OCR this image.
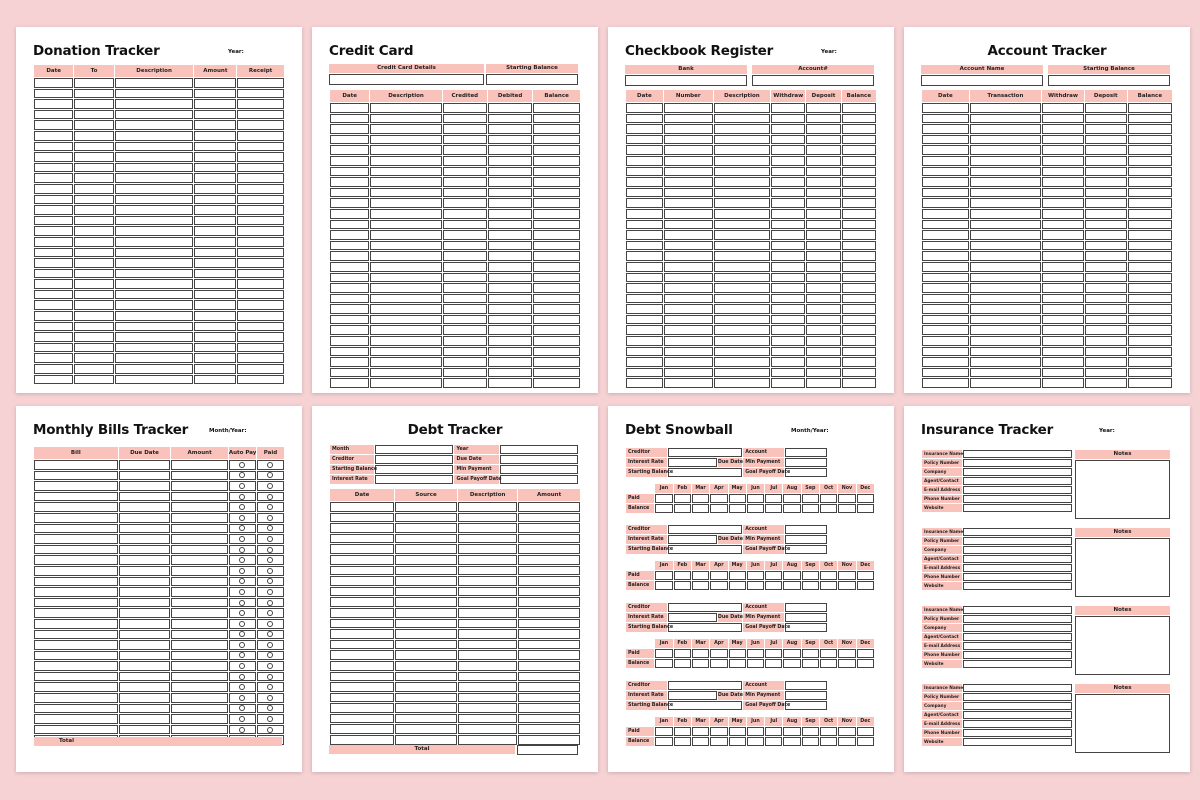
Donation Tracker	Year:
Date	To	Description	Amount	Receipt

Credit Card
Credit Card Details	Starting Balance
Date	Description	Credited	Debited	Balance

Checkbook Register	Year:
Bank	Account#
Date	Number	Description	Withdraw	Deposit	Balance

Account Tracker
Account Name	Starting Balance
Date	Transaction	Withdraw	Deposit	Balance

Monthly Bills Tracker	Month/Year:
Bill	Due Date	Amount	Auto Pay	Paid

Total
Debt Tracker
Month		Year	
Creditor		Due Date	
Starting Balance		Min Payment	
Interest Rate		Goal Payoff Date	
Date	Source	Description	Amount

Total
Debt Snowball	Month/Year:
Creditor			Account	
Interest Rate		Due Date	Min Payment	
Starting Balance			Goal Payoff Date	
	Jan	Feb	Mar	Apr	May	Jun	Jul	Aug	Sep	Oct	Nov	Dec
Paid												
Balance												
Creditor			Account	
Interest Rate		Due Date	Min Payment	
Starting Balance			Goal Payoff Date	
	Jan	Feb	Mar	Apr	May	Jun	Jul	Aug	Sep	Oct	Nov	Dec
Paid												
Balance												
Creditor			Account	
Interest Rate		Due Date	Min Payment	
Starting Balance			Goal Payoff Date	
	Jan	Feb	Mar	Apr	May	Jun	Jul	Aug	Sep	Oct	Nov	Dec
Paid												
Balance												
Creditor			Account	
Interest Rate		Due Date	Min Payment	
Starting Balance			Goal Payoff Date	
	Jan	Feb	Mar	Apr	May	Jun	Jul	Aug	Sep	Oct	Nov	Dec
Paid												
Balance												
Insurance Tracker	Year:
Insurance Name	
Policy Number	
Company	
Agent/Contact	
E-mail Address	
Phone Number	
Website	
Notes
Insurance Name	
Policy Number	
Company	
Agent/Contact	
E-mail Address	
Phone Number	
Website	
Notes
Insurance Name	
Policy Number	
Company	
Agent/Contact	
E-mail Address	
Phone Number	
Website	
Notes
Insurance Name	
Policy Number	
Company	
Agent/Contact	
E-mail Address	
Phone Number	
Website	
Notes
